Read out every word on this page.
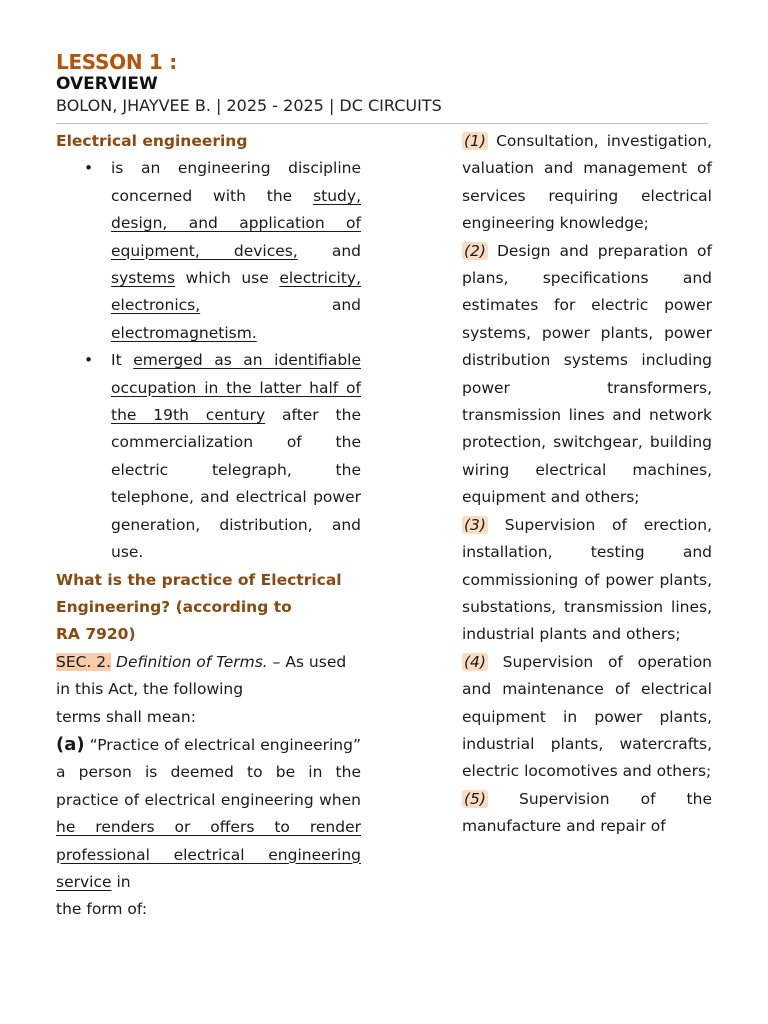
LESSON 1 :
OVERVIEW
BOLON, JHAYVEE B. | 2025 - 2025 | DC CIRCUITS
Electrical engineering
• is an engineering discipline concerned with the study, design, and application of equipment, devices, and systems which use electricity, electronics, and electromagnetism.
• It emerged as an identifiable occupation in the latter half of the 19th century after the commercialization of the electric telegraph, the telephone, and electrical power generation, distribution, and use.
What is the practice of Electrical Engineering? (according to
RA 7920)
SEC. 2. Definition of Terms. – As used in this Act, the following
terms shall mean:
(a) “Practice of electrical engineering” a person is deemed to be in the practice of electrical engineering when he renders or offers to render professional electrical engineering service in
the form of:

(1) Consultation, investigation, valuation and management of services requiring electrical engineering knowledge;

(2) Design and preparation of plans, specifications and estimates for electric power systems, power plants, power distribution systems including power transformers, transmission lines and network protection, switchgear, building wiring electrical machines, equipment and others;

(3) Supervision of erection, installation, testing and commissioning of power plants, substations, transmission lines, industrial plants and others;

(4) Supervision of operation and maintenance of electrical equipment in power plants, industrial plants, watercrafts, electric locomotives and others;

(5) Supervision of the manufacture and repair of
